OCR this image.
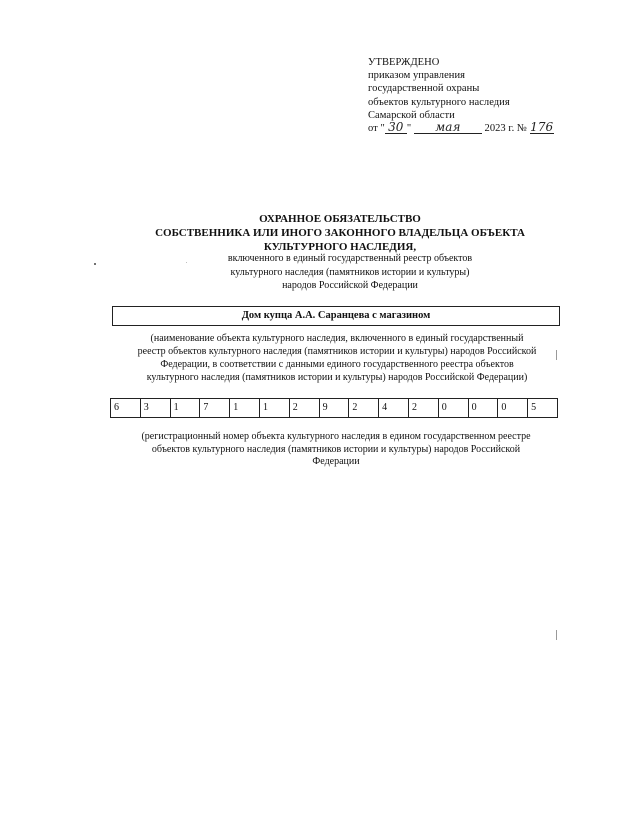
УТВЕРЖДЕНО
приказом управления
государственной охраны
объектов культурного наследия
Самарской области
от " 30 " мая 2023 г. № 176
ОХРАННОЕ ОБЯЗАТЕЛЬСТВО
СОБСТВЕННИКА ИЛИ ИНОГО ЗАКОННОГО ВЛАДЕЛЬЦА ОБЪЕКТА
КУЛЬТУРНОГО НАСЛЕДИЯ,
включенного в единый государственный реестр объектов
культурного наследия (памятников истории и культуры)
народов Российской Федерации
Дом купца А.А. Саранцева с магазином
(наименование объекта культурного наследия, включенного в единый государственный
реестр объектов культурного наследия (памятников истории и культуры) народов Российской
Федерации, в соответствии с данными единого государственного реестра объектов
культурного наследия (памятников истории и культуры) народов Российской Федерации)
6	3	1	7	1	1	2	9	2	4	2	0	0	0	5
(регистрационный номер объекта культурного наследия в едином государственном реестре
объектов культурного наследия (памятников истории и культуры) народов Российской
Федерации
